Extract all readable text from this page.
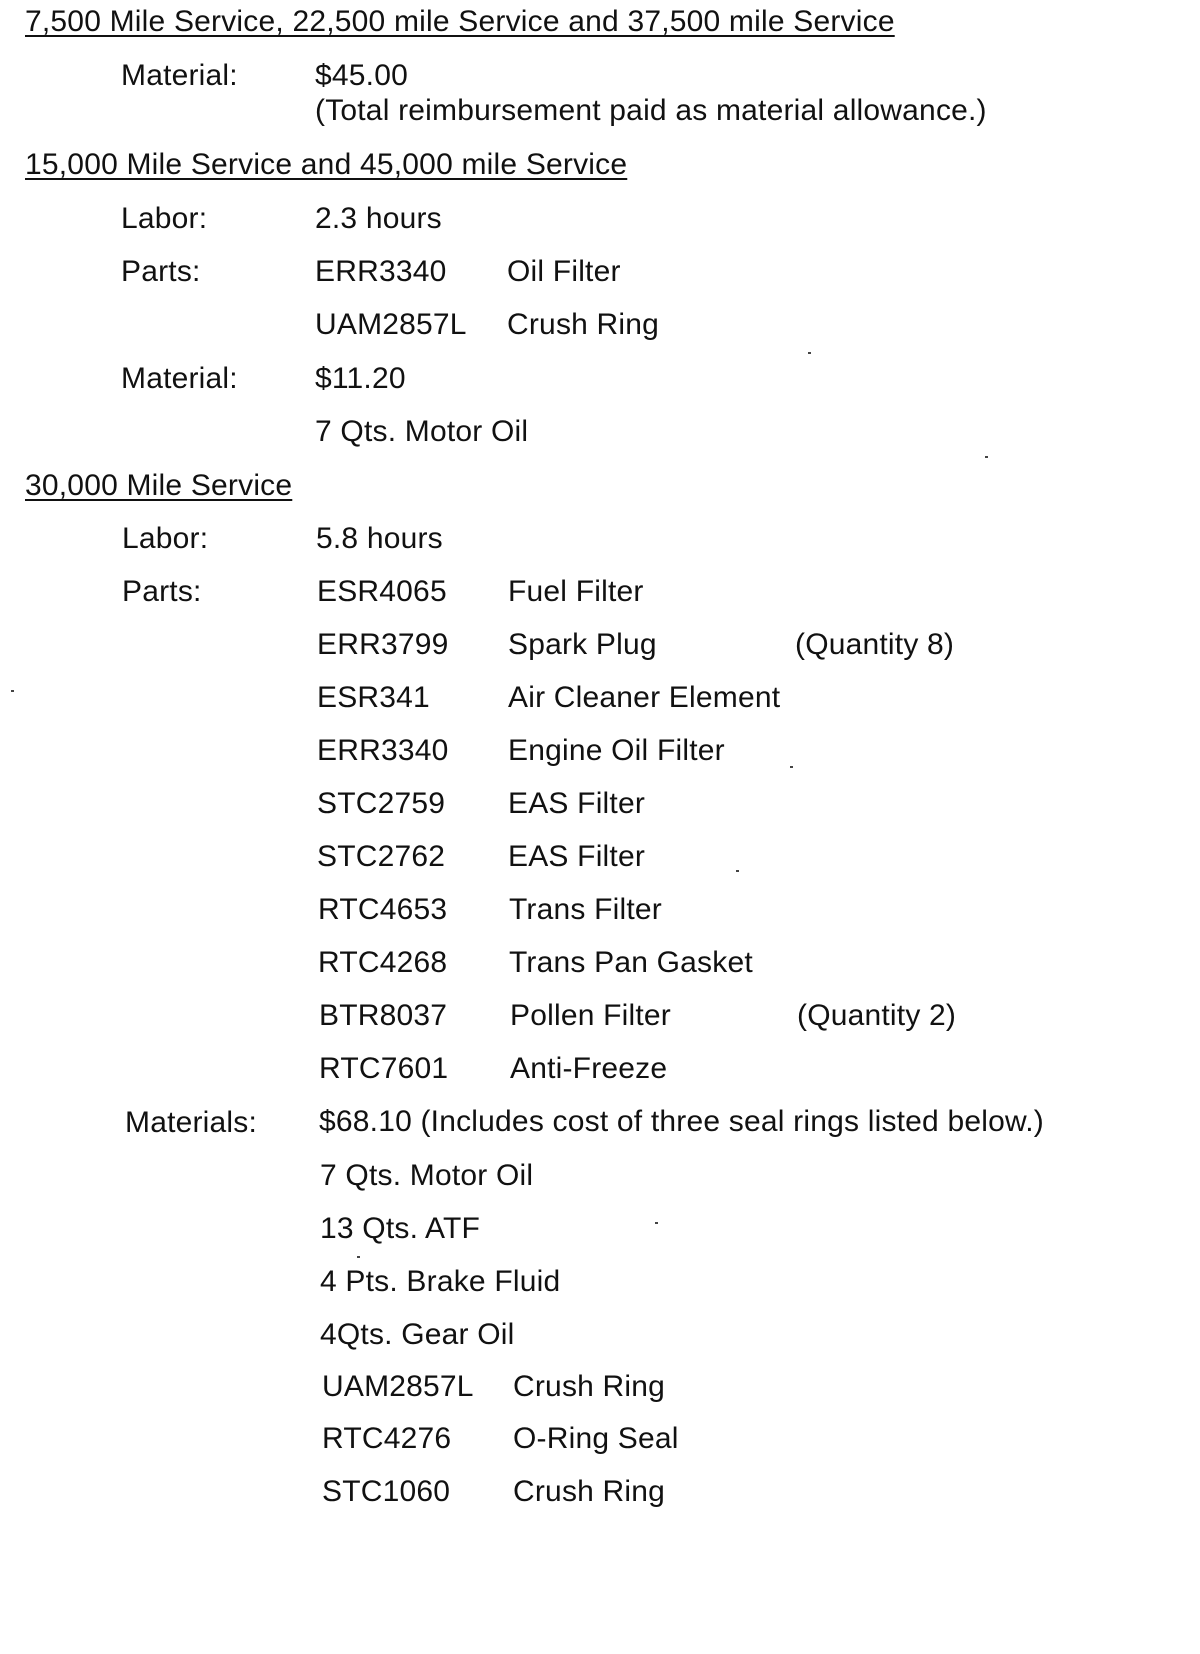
7,500 Mile Service, 22,500 mile Service and 37,500 mile Service
Material:	$45.00
(Total reimbursement paid as material allowance.)
15,000 Mile Service and 45,000 mile Service
Labor:	2.3 hours
Parts:	ERR3340 Oil Filter
UAM2857L Crush Ring
Material:	$11.20
7 Qts. Motor Oil
30,000 Mile Service
Labor:	5.8 hours
Parts:	ESR4065 Fuel Filter
ERR3799 Spark Plug	(Quantity 8)
ESR341	Air Cleaner Element
ERR3340 Engine Oil Filter
STC2759 EAS Filter
STC2762 EAS Filter
RTC4653 Trans Filter
RTC4268 Trans Pan Gasket
BTR8037 Pollen Filter	(Quantity 2)
RTC7601 Anti-Freeze
Materials: $68.10 (Includes cost of three seal rings listed below.)
7 Qts. Motor Oil
13 Qts. ATF
4 Pts. Brake Fluid
4Qts. Gear Oil
UAM2857L Crush Ring
RTC4276 O-Ring Seal
STC1060 Crush Ring
